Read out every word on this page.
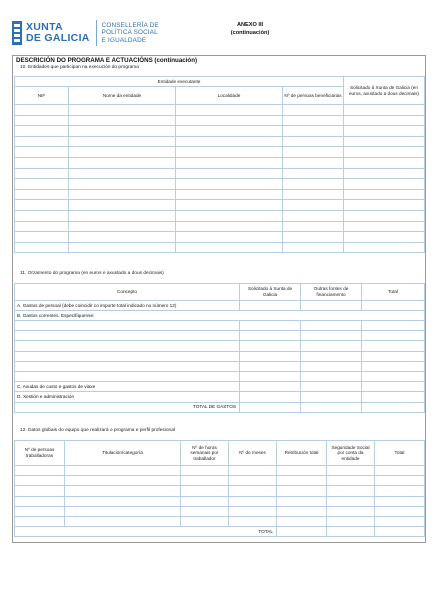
XUNTA
DE GALICIA
CONSELLERÍA DE
POLÍTICA SOCIAL
E IGUALDADE
ANEXO III
(continuación)
DESCRICIÓN DO PROGRAMA E ACTUACIÓNS (continuación)
10. Entidades que participan na execución do programa
Entidade executante				Solicitado á Xunta de Galicia (en euros, axustado a dous decimais)
NIF	Nome da entidade	Localidade	Nº de persoas beneficiarias	

11. Orzamento do programa (en euros e axustado a dous decimais)
Concepto	Solicitado á Xunta de Galicia	Outras fontes de financiamento	Total
A. Gastos de persoal (debe coincidir co importe total indicado no número 12)			
B. Gastos correntes. Especifíquense:			

C. Axudas de custo e gastos de viaxe			
D. Xestión e administración			
TOTAL DE GASTOS			
12. Datos globais do equipo que realizará o programa e perfil profesional
Nº de persoas traballadoras	Titulación/categoría	Nº de horas semanais por traballador	Nº de meses	Retribución total	Seguridade Social por conta da entidade	Total

TOTAL						
